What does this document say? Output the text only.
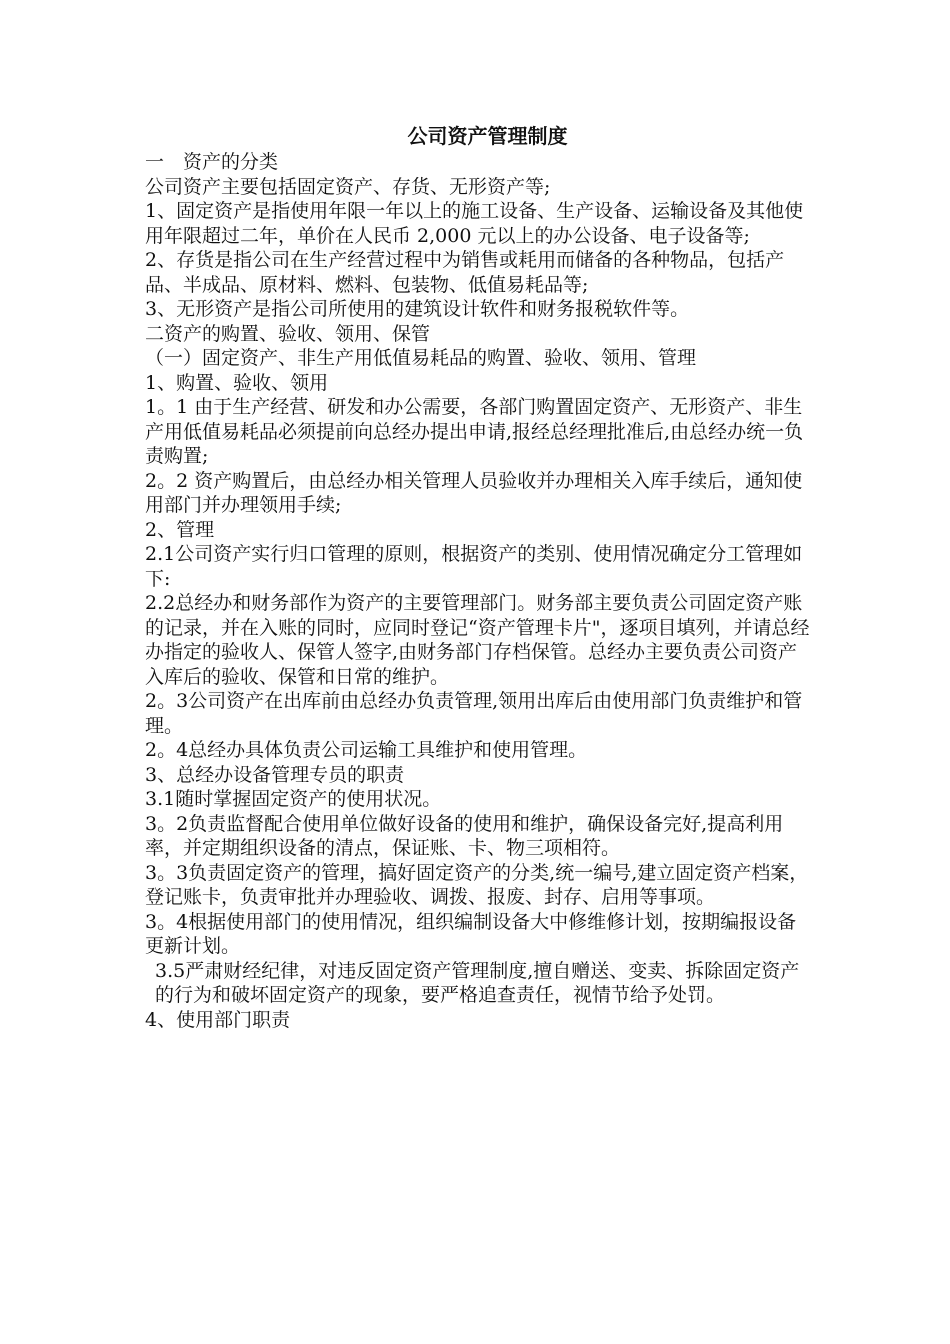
公司资产管理制度

一　资产的分类

公司资产主要包括固定资产、存货、无形资产等;

1、固定资产是指使用年限一年以上的施工设备、生产设备、运输设备及其他使用年限超过二年，单价在人民币 2,000 元以上的办公设备、电子设备等;

2、存货是指公司在生产经营过程中为销售或耗用而储备的各种物品，包括产品、半成品、原材料、燃料、包装物、低值易耗品等;

3、无形资产是指公司所使用的建筑设计软件和财务报税软件等。

二资产的购置、验收、领用、保管

（一）固定资产、非生产用低值易耗品的购置、验收、领用、管理

1、购置、验收、领用

1。1 由于生产经营、研发和办公需要，各部门购置固定资产、无形资产、非生产用低值易耗品必须提前向总经办提出申请,报经总经理批准后,由总经办统一负责购置;

2。2 资产购置后，由总经办相关管理人员验收并办理相关入库手续后，通知使用部门并办理领用手续;

2、管理

2.1公司资产实行归口管理的原则，根据资产的类别、使用情况确定分工管理如下:

2.2总经办和财务部作为资产的主要管理部门。财务部主要负责公司固定资产账的记录，并在入账的同时，应同时登记“资产管理卡片"，逐项目填列，并请总经办指定的验收人、保管人签字,由财务部门存档保管。总经办主要负责公司资产入库后的验收、保管和日常的维护。

2。3公司资产在出库前由总经办负责管理,领用出库后由使用部门负责维护和管理。

2。4总经办具体负责公司运输工具维护和使用管理。

3、总经办设备管理专员的职责

3.1随时掌握固定资产的使用状况。

3。2负责监督配合使用单位做好设备的使用和维护，确保设备完好,提高利用率，并定期组织设备的清点，保证账、卡、物三项相符。

3。3负责固定资产的管理，搞好固定资产的分类,统一编号,建立固定资产档案，登记账卡，负责审批并办理验收、调拨、报废、封存、启用等事项。

3。4根据使用部门的使用情况，组织编制设备大中修维修计划，按期编报设备更新计划。

3.5严肃财经纪律，对违反固定资产管理制度,擅自赠送、变卖、拆除固定资产的行为和破坏固定资产的现象，要严格追查责任，视情节给予处罚。

4、使用部门职责
